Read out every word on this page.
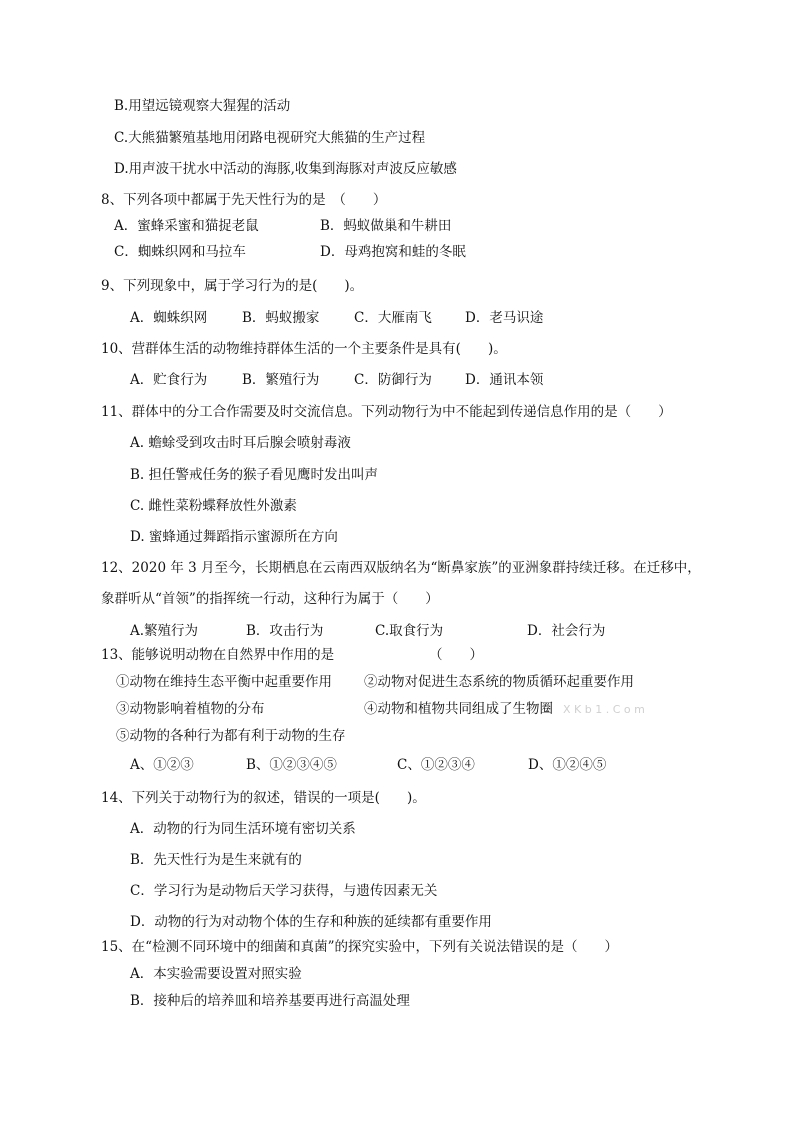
B.用望远镜观察大猩猩的活动
C.大熊猫繁殖基地用闭路电视研究大熊猫的生产过程
D.用声波干扰水中活动的海豚,收集到海豚对声波反应敏感
8、下列各项中都属于先天性行为的是　（　　）
A．蜜蜂采蜜和猫捉老鼠	B．蚂蚁做巢和牛耕田
C．蜘蛛织网和马拉车	D．母鸡抱窝和蛙的冬眠
9、下列现象中，属于学习行为的是(　　)。
A．蜘蛛织网	B．蚂蚁搬家	C．大雁南飞 D．老马识途
10、营群体生活的动物维持群体生活的一个主要条件是具有(　　)。
A．贮食行为	B．繁殖行为	C．防御行为 D．通讯本领
11、群体中的分工合作需要及时交流信息。下列动物行为中不能起到传递信息作用的是（　　）
A. 蟾蜍受到攻击时耳后腺会喷射毒液
B. 担任警戒任务的猴子看见鹰时发出叫声
C. 雌性菜粉蝶释放性外激素
D. 蜜蜂通过舞蹈指示蜜源所在方向
12、2020 年 3 月至今，长期栖息在云南西双版纳名为“断鼻家族”的亚洲象群持续迁移。在迁移中，
象群听从“首领”的指挥统一行动，这种行为属于（　　）
A.繁殖行为	B．攻击行为	C.取食行为	D．社会行为
13、能够说明动物在自然界中作用的是	（　　）
①动物在维持生态平衡中起重要作用 ②动物对促进生态系统的物质循环起重要作用
③动物影响着植物的分布	④动物和植物共同组成了生物圈 X K b 1 . C o m
⑤动物的各种行为都有利于动物的生存
A、①②③	B、①②③④⑤	C、①②③④	D、①②④⑤
14、下列关于动物行为的叙述，错误的一项是(　　)。
A．动物的行为同生活环境有密切关系
B．先天性行为是生来就有的
C．学习行为是动物后天学习获得，与遗传因素无关
D．动物的行为对动物个体的生存和种族的延续都有重要作用
15、在“检测不同环境中的细菌和真菌”的探究实验中，下列有关说法错误的是（　　）
A．本实验需要设置对照实验
B．接种后的培养皿和培养基要再进行高温处理
